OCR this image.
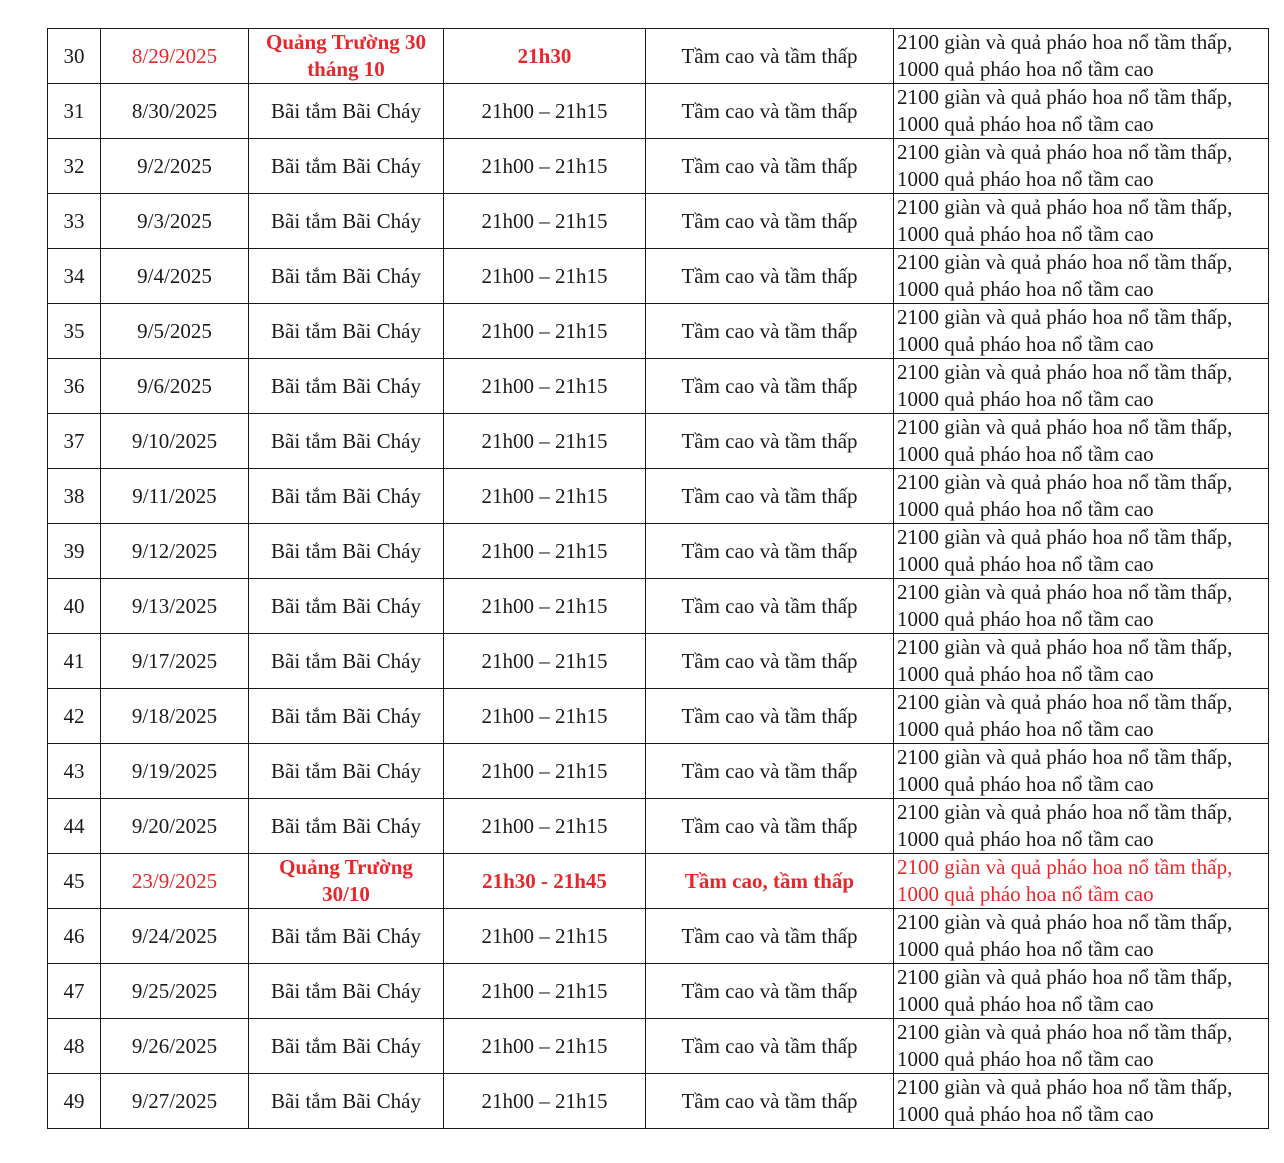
30	8/29/2025	Quảng Trường 30 tháng 10	21h30	Tầm cao và tầm thấp	2100 giàn và quả pháo hoa nổ tầm thấp,
1000 quả pháo hoa nổ tầm cao

31	8/30/2025	Bãi tắm Bãi Cháy	21h00 – 21h15	Tầm cao và tầm thấp	2100 giàn và quả pháo hoa nổ tầm thấp,
1000 quả pháo hoa nổ tầm cao

32	9/2/2025	Bãi tắm Bãi Cháy	21h00 – 21h15	Tầm cao và tầm thấp	2100 giàn và quả pháo hoa nổ tầm thấp,
1000 quả pháo hoa nổ tầm cao

33	9/3/2025	Bãi tắm Bãi Cháy	21h00 – 21h15	Tầm cao và tầm thấp	2100 giàn và quả pháo hoa nổ tầm thấp,
1000 quả pháo hoa nổ tầm cao

34	9/4/2025	Bãi tắm Bãi Cháy	21h00 – 21h15	Tầm cao và tầm thấp	2100 giàn và quả pháo hoa nổ tầm thấp,
1000 quả pháo hoa nổ tầm cao

35	9/5/2025	Bãi tắm Bãi Cháy	21h00 – 21h15	Tầm cao và tầm thấp	2100 giàn và quả pháo hoa nổ tầm thấp,
1000 quả pháo hoa nổ tầm cao

36	9/6/2025	Bãi tắm Bãi Cháy	21h00 – 21h15	Tầm cao và tầm thấp	2100 giàn và quả pháo hoa nổ tầm thấp,
1000 quả pháo hoa nổ tầm cao

37	9/10/2025	Bãi tắm Bãi Cháy	21h00 – 21h15	Tầm cao và tầm thấp	2100 giàn và quả pháo hoa nổ tầm thấp,
1000 quả pháo hoa nổ tầm cao

38	9/11/2025	Bãi tắm Bãi Cháy	21h00 – 21h15	Tầm cao và tầm thấp	2100 giàn và quả pháo hoa nổ tầm thấp,
1000 quả pháo hoa nổ tầm cao

39	9/12/2025	Bãi tắm Bãi Cháy	21h00 – 21h15	Tầm cao và tầm thấp	2100 giàn và quả pháo hoa nổ tầm thấp,
1000 quả pháo hoa nổ tầm cao

40	9/13/2025	Bãi tắm Bãi Cháy	21h00 – 21h15	Tầm cao và tầm thấp	2100 giàn và quả pháo hoa nổ tầm thấp,
1000 quả pháo hoa nổ tầm cao

41	9/17/2025	Bãi tắm Bãi Cháy	21h00 – 21h15	Tầm cao và tầm thấp	2100 giàn và quả pháo hoa nổ tầm thấp,
1000 quả pháo hoa nổ tầm cao

42	9/18/2025	Bãi tắm Bãi Cháy	21h00 – 21h15	Tầm cao và tầm thấp	2100 giàn và quả pháo hoa nổ tầm thấp,
1000 quả pháo hoa nổ tầm cao

43	9/19/2025	Bãi tắm Bãi Cháy	21h00 – 21h15	Tầm cao và tầm thấp	2100 giàn và quả pháo hoa nổ tầm thấp,
1000 quả pháo hoa nổ tầm cao

44	9/20/2025	Bãi tắm Bãi Cháy	21h00 – 21h15	Tầm cao và tầm thấp	2100 giàn và quả pháo hoa nổ tầm thấp,
1000 quả pháo hoa nổ tầm cao

45	23/9/2025	Quảng Trường 30/10	21h30 - 21h45	Tầm cao, tầm thấp	2100 giàn và quả pháo hoa nổ tầm thấp,
1000 quả pháo hoa nổ tầm cao

46	9/24/2025	Bãi tắm Bãi Cháy	21h00 – 21h15	Tầm cao và tầm thấp	2100 giàn và quả pháo hoa nổ tầm thấp,
1000 quả pháo hoa nổ tầm cao

47	9/25/2025	Bãi tắm Bãi Cháy	21h00 – 21h15	Tầm cao và tầm thấp	2100 giàn và quả pháo hoa nổ tầm thấp,
1000 quả pháo hoa nổ tầm cao

48	9/26/2025	Bãi tắm Bãi Cháy	21h00 – 21h15	Tầm cao và tầm thấp	2100 giàn và quả pháo hoa nổ tầm thấp,
1000 quả pháo hoa nổ tầm cao

49	9/27/2025	Bãi tắm Bãi Cháy	21h00 – 21h15	Tầm cao và tầm thấp	2100 giàn và quả pháo hoa nổ tầm thấp,
1000 quả pháo hoa nổ tầm cao
